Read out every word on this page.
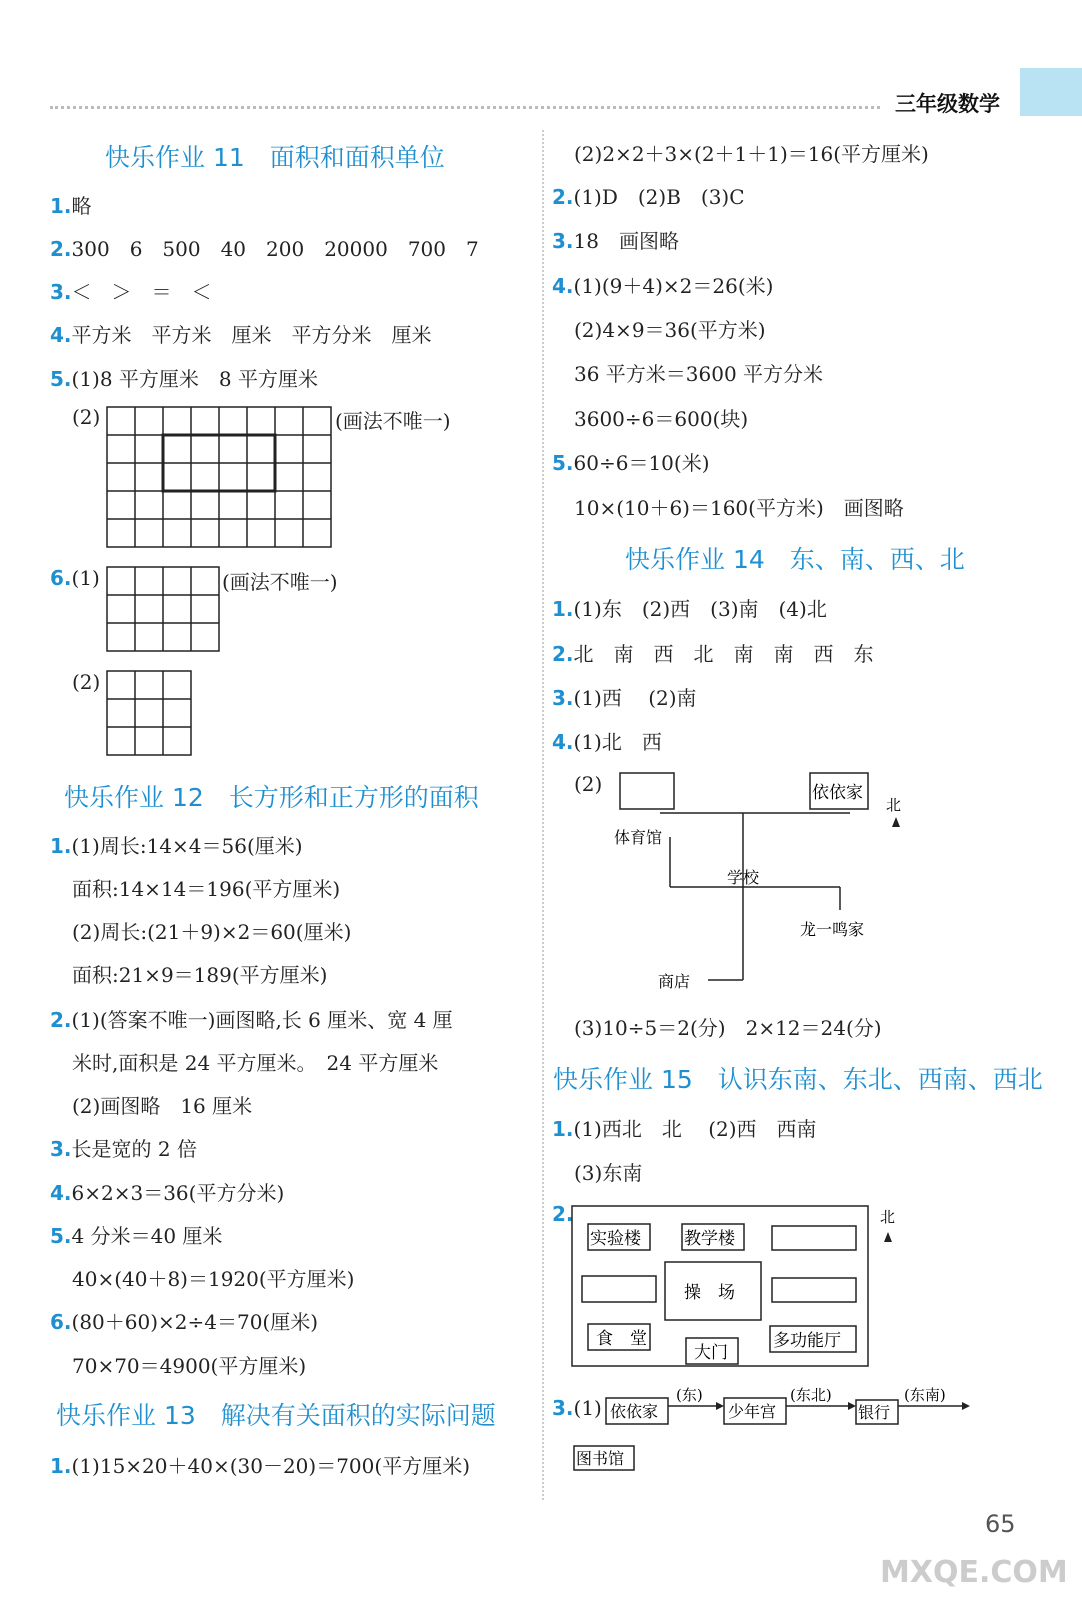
三年级数学
快乐作业 11　面积和面积单位
1.略
2.300　6　500　40　200　20000　700　7
3.＜　＞　＝　＜
4.平方米　平方米　厘米　平方分米　厘米
5.(1)8 平方厘米　8 平方厘米
(2)	(画法不唯一)
6.(1)	(画法不唯一)
(2)
快乐作业 12　长方形和正方形的面积
1.(1)周长:14×4＝56(厘米)
面积:14×14＝196(平方厘米)
(2)周长:(21＋9)×2＝60(厘米)
面积:21×9＝189(平方厘米)
2.(1)(答案不唯一)画图略,长 6 厘米、宽 4 厘
米时,面积是 24 平方厘米。　24 平方厘米
(2)画图略　16 厘米
3.长是宽的 2 倍
4.6×2×3＝36(平方分米)
5.4 分米＝40 厘米
40×(40＋8)＝1920(平方厘米)
6.(80＋60)×2÷4＝70(厘米)
70×70＝4900(平方厘米)
快乐作业 13　解决有关面积的实际问题
1.(1)15×20＋40×(30－20)＝700(平方厘米)
(2)2×2＋3×(2＋1＋1)＝16(平方厘米)
2.(1)D　(2)B　(3)C
3.18　画图略
4.(1)(9＋4)×2＝26(米)
(2)4×9＝36(平方米)
36 平方米＝3600 平方分米
3600÷6＝600(块)
5.60÷6＝10(米)
10×(10＋6)＝160(平方米)　画图略
快乐作业 14　东、南、西、北
1.(1)东　(2)西　(3)南　(4)北
2.北　南　西　北　南　南　西　东
3.(1)西　 (2)南
4.(1)北　西
(2)	依依家
北
体育馆
学校
龙一鸣家
商店
(3)10÷5＝2(分)　2×12＝24(分)
快乐作业 15　认识东南、东北、西南、西北
1.(1)西北　北　 (2)西　西南
(3)东南
2.
实验楼	教学楼
操　场
食　堂
大门
多功能厅
北
3.(1) 依依家	少年宫	银行
图书馆
(东)	(东北)	(东南)
65
MXQE.COM
